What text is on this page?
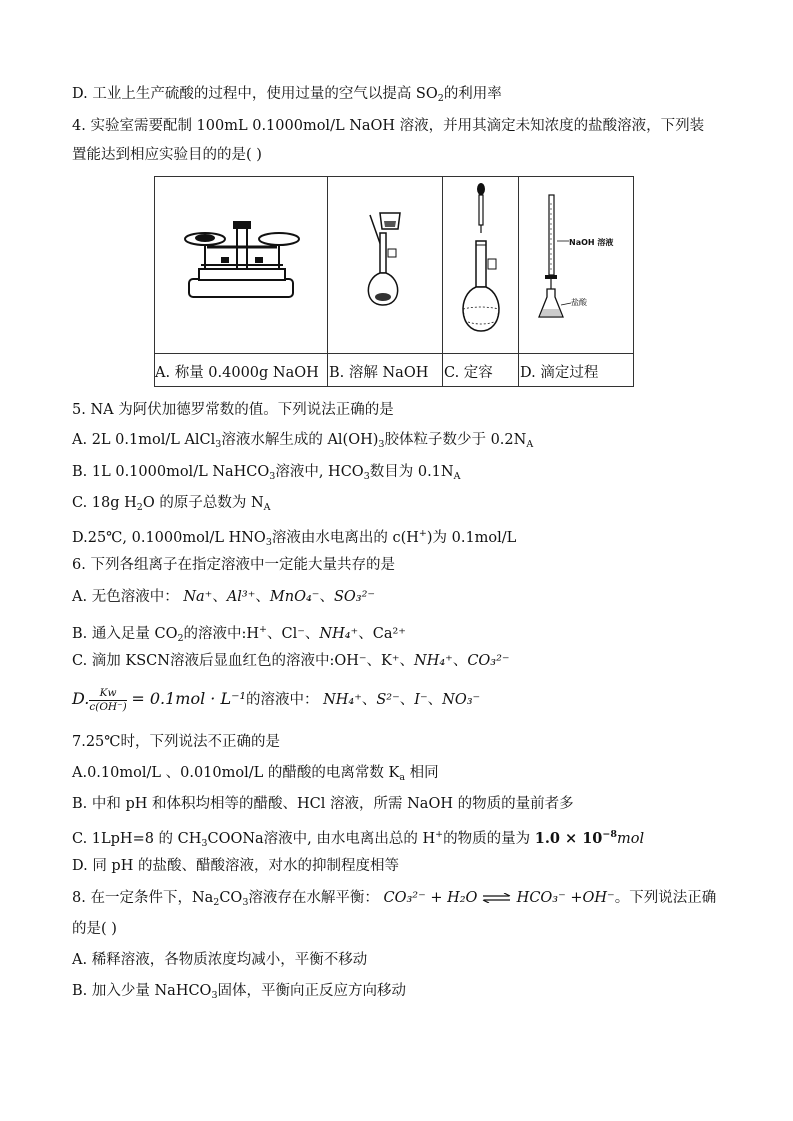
D. 工业上生产硫酸的过程中，使用过量的空气以提高 $SO_2$的利用率
4. 实验室需要配制 100mL 0.1000mol/L NaOH 溶液，并用其滴定未知浓度的盐酸溶液，下列装
置能达到相应实验目的的是( )
NaOH 溶液
盐酸
A. 称量 0.4000g NaOH B. 溶解 NaOH C. 定容 D. 滴定过程
5. NA 为阿伏加德罗常数的值。下列说法正确的是
A. 2L 0.1mol/L AlCl$_3$溶液水解生成的 $Al(OH)_3$胶体粒子数少于 $0.2N_A$
B. 1L 0.1000mol/L NaHCO$_3$溶液中, $HCO_3$数目为 $0.1N_A$
C. 18g $H_2O$ 的原子总数为 $N_A$
D.25℃, 0.1000mol/L $HNO_3$溶液由水电离出的 c(H+)为 0.1mol/L
6. 下列各组离子在指定溶液中一定能大量共存的是
A. 无色溶液中： Na⁺、Al³⁺、MnO₄⁻、SO₃²⁻
B. 通入足量 $CO_2$的溶液中:H+、Cl⁻、NH₄⁺、Ca²⁺
C. 滴加 KSCN溶液后显血红色的溶液中:OH⁻、K⁺、NH₄⁺、CO₃²⁻
D. $\frac{Kw}{c(OH^-)} = 0.1mol \cdot L^{-1}$的溶液中： NH₄⁺、S²⁻、I⁻、NO₃⁻
7.25℃时，下列说法不正确的是
A.0.10mol/L 、0.010mol/L 的醋酸的电离常数 $K_a$ 相同
B. 中和 pH 和体积均相等的醋酸、HCl 溶液，所需 NaOH 的物质的量前者多
C. 1LpH=8 的 $CH_3COONa$溶液中, 由水电离出总的 H+的物质的量为 $1.0 \times 10^{-8}mol$
D. 同 pH 的盐酸、醋酸溶液，对水的抑制程度相等
8. 在一定条件下，$Na_2CO_3$溶液存在水解平衡： CO₃²⁻ + H₂O ⇌ HCO₃⁻ +OH⁻。下列说法正确
的是( )
A. 稀释溶液，各物质浓度均减小，平衡不移动
B. 加入少量 NaHCO$_3$固体，平衡向正反应方向移动
